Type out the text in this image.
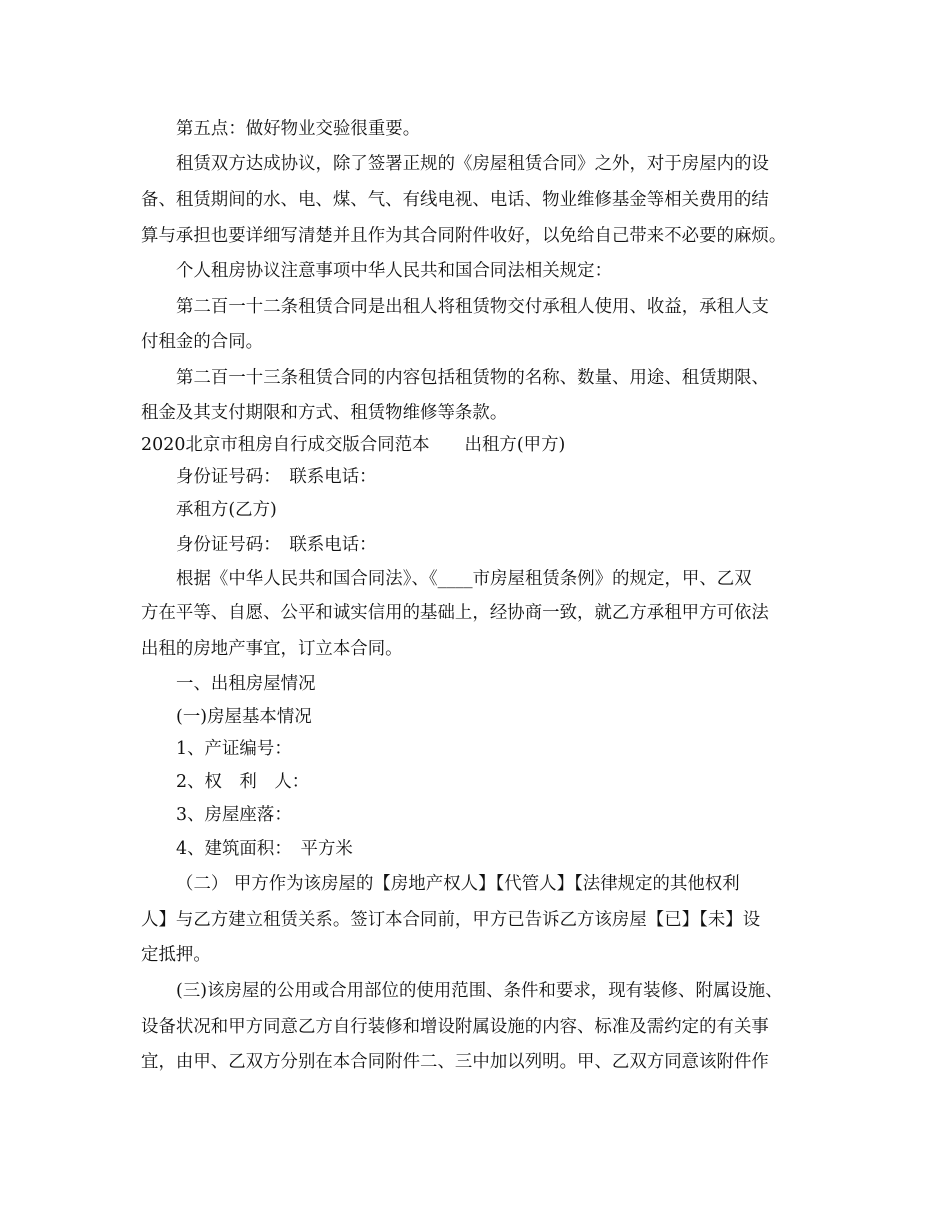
第五点：做好物业交验很重要。

租赁双方达成协议，除了签署正规的《房屋租赁合同》之外，对于房屋内的设

备、租赁期间的水、电、煤、气、有线电视、电话、物业维修基金等相关费用的结

算与承担也要详细写清楚并且作为其合同附件收好，以免给自己带来不必要的麻烦。

个人租房协议注意事项中华人民共和国合同法相关规定：

第二百一十二条租赁合同是出租人将租赁物交付承租人使用、收益，承租人支

付租金的合同。

第二百一十三条租赁合同的内容包括租赁物的名称、数量、用途、租赁期限、

租金及其支付期限和方式、租赁物维修等条款。

2020北京市租房自行成交版合同范本　　出租方(甲方)

身份证号码：　联系电话：

承租方(乙方)

身份证号码：　联系电话：

根据《中华人民共和国合同法》、《____市房屋租赁条例》的规定，甲、乙双

方在平等、自愿、公平和诚实信用的基础上，经协商一致，就乙方承租甲方可依法

出租的房地产事宜，订立本合同。

一、出租房屋情况

(一)房屋基本情况

1、产证编号：

2、权　利　人：

3、房屋座落：

4、建筑面积：　平方米

（二） 甲方作为该房屋的【房地产权人】【代管人】【法律规定的其他权利

人】与乙方建立租赁关系。签订本合同前，甲方已告诉乙方该房屋【已】【未】设

定抵押。

(三)该房屋的公用或合用部位的使用范围、条件和要求，现有装修、附属设施、

设备状况和甲方同意乙方自行装修和增设附属设施的内容、标准及需约定的有关事

宜，由甲、乙双方分别在本合同附件二、三中加以列明。甲、乙双方同意该附件作
